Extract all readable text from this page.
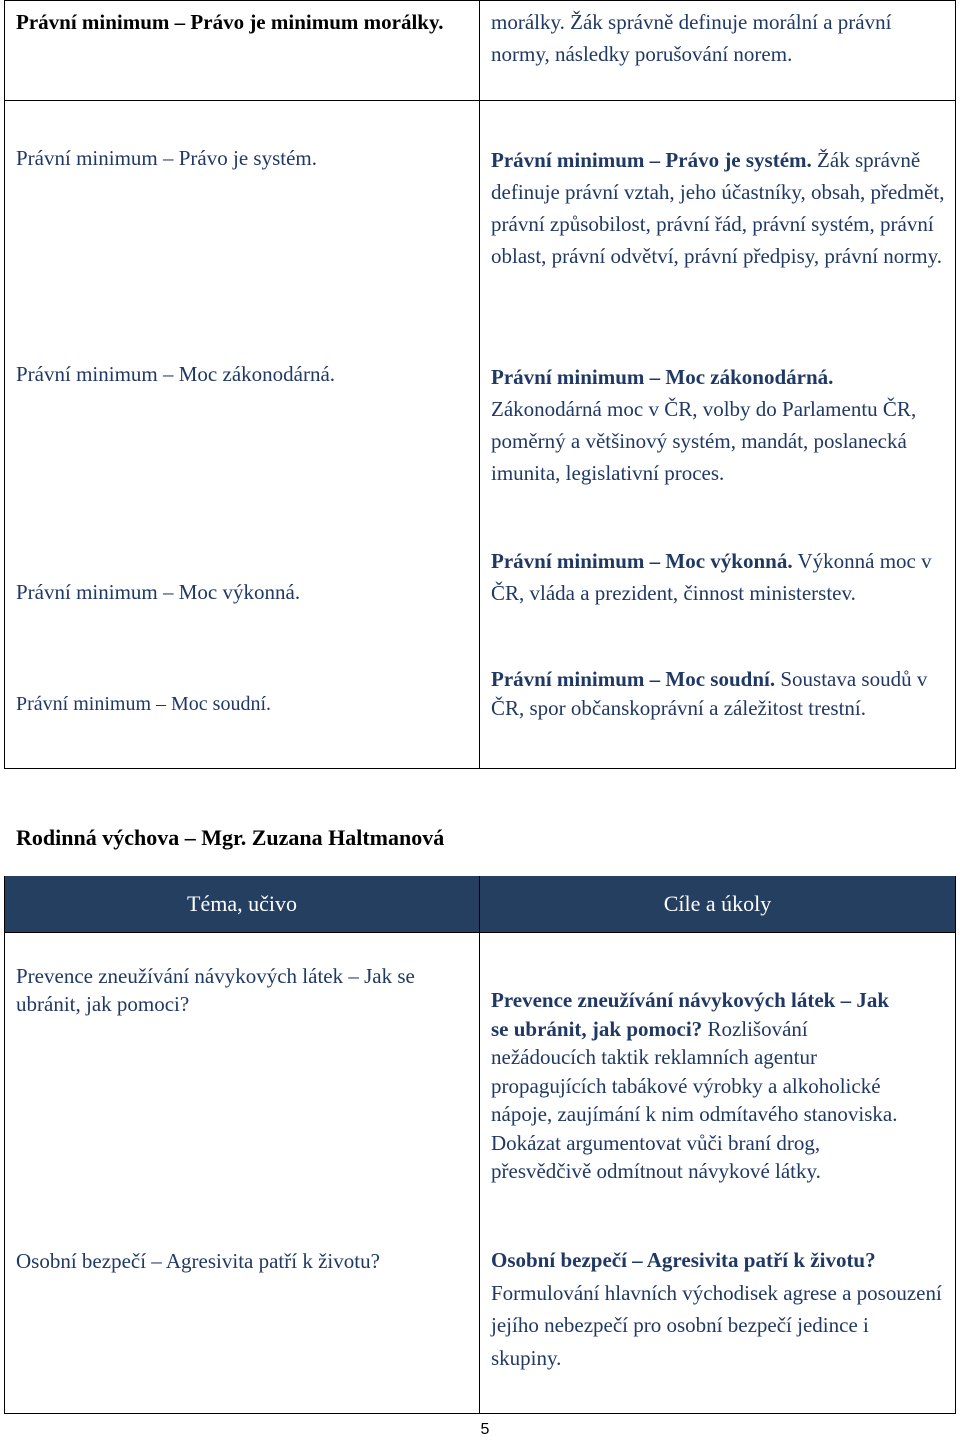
Právní minimum – Právo je minimum morálky.

Právní minimum – Právo je systém.

Právní minimum – Moc zákonodárná.

Právní minimum – Moc výkonná.

Právní minimum – Moc soudní.

morálky. Žák správně definuje morální a právní normy, následky porušování norem.

Právní minimum – Právo je systém. Žák správně definuje právní vztah, jeho účastníky, obsah, předmět, právní způsobilost, právní řád, právní systém, právní oblast, právní odvětví, právní předpisy, právní normy.

Právní minimum – Moc zákonodárná. Zákonodárná moc v ČR, volby do Parlamentu ČR, poměrný a většinový systém, mandát, poslanecká imunita, legislativní proces.

Právní minimum – Moc výkonná. Výkonná moc v ČR, vláda a prezident, činnost ministerstev.

Právní minimum – Moc soudní. Soustava soudů v ČR, spor občanskoprávní a záležitost trestní.

Rodinná výchova – Mgr. Zuzana Haltmanová
Téma, učivo	Cíle a úkoly

Prevence zneužívání návykových látek – Jak se ubránit, jak pomoci?

Osobní bezpečí – Agresivita patří k životu?

Prevence zneužívání návykových látek – Jak se ubránit, jak pomoci? Rozlišování nežádoucích taktik reklamních agentur propagujících tabákové výrobky a alkoholické nápoje, zaujímání k nim odmítavého stanoviska. Dokázat argumentovat vůči braní drog, přesvědčivě odmítnout návykové látky.

Osobní bezpečí – Agresivita patří k životu? Formulování hlavních východisek agrese a posouzení jejího nebezpečí pro osobní bezpečí jedince i skupiny.

5
